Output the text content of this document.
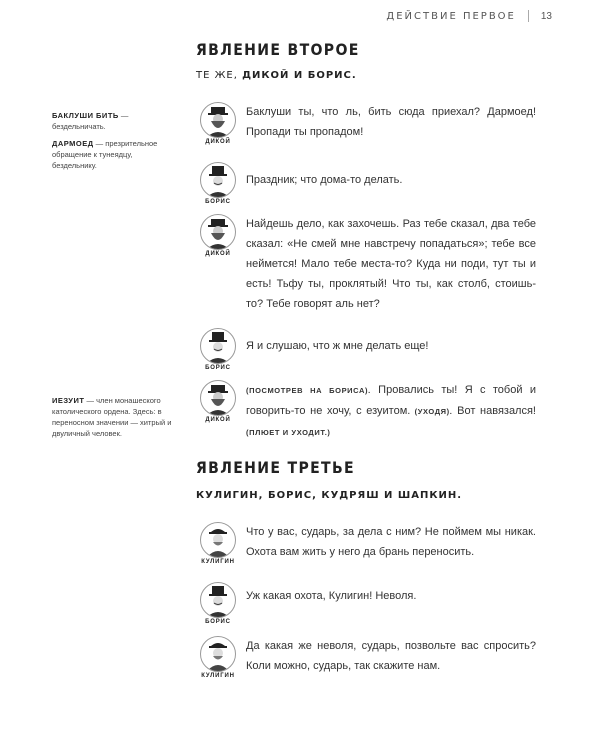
ДЕЙСТВИЕ ПЕРВОЕ	13
ЯВЛЕНИЕ ВТОРОЕ
ТЕ ЖЕ, ДИКОЙ И БОРИС.

БАКЛУШИ БИТЬ — бездельничать.

ДАРМОЕД — презрительное обращение к тунеядцу, бездельнику.

ИЕЗУИТ — член монашеского католического ордена. Здесь: в переносном значении — хитрый и двуличный человек.

ДИКОЙ
Баклуши ты, что ль, бить сюда приехал? Дармоед! Пропади ты пропадом!
БОРИС
Праздник; что дома-то делать.
ДИКОЙ
Найдешь дело, как захочешь. Раз тебе сказал, два тебе сказал: «Не смей мне навстречу попадаться»; тебе все неймется! Мало тебе места-то? Куда ни поди, тут ты и есть! Тьфу ты, проклятый! Что ты, как столб, стоишь-то? Тебе говорят аль нет?
БОРИС
Я и слушаю, что ж мне делать еще!
ДИКОЙ
(ПОСМОТРЕВ НА БОРИСА). Провались ты! Я с тобой и говорить-то не хочу, с езуитом. (УХОДЯ). Вот навязался! (ПЛЮЕТ И УХОДИТ.)
ЯВЛЕНИЕ ТРЕТЬЕ
КУЛИГИН, БОРИС, КУДРЯШ И ШАПКИН.
КУЛИГИН
Что у вас, сударь, за дела с ним? Не поймем мы никак. Охота вам жить у него да брань переносить.
БОРИС
Уж какая охота, Кулигин! Неволя.
КУЛИГИН
Да какая же неволя, сударь, позвольте вас спросить? Коли можно, сударь, так скажите нам.
